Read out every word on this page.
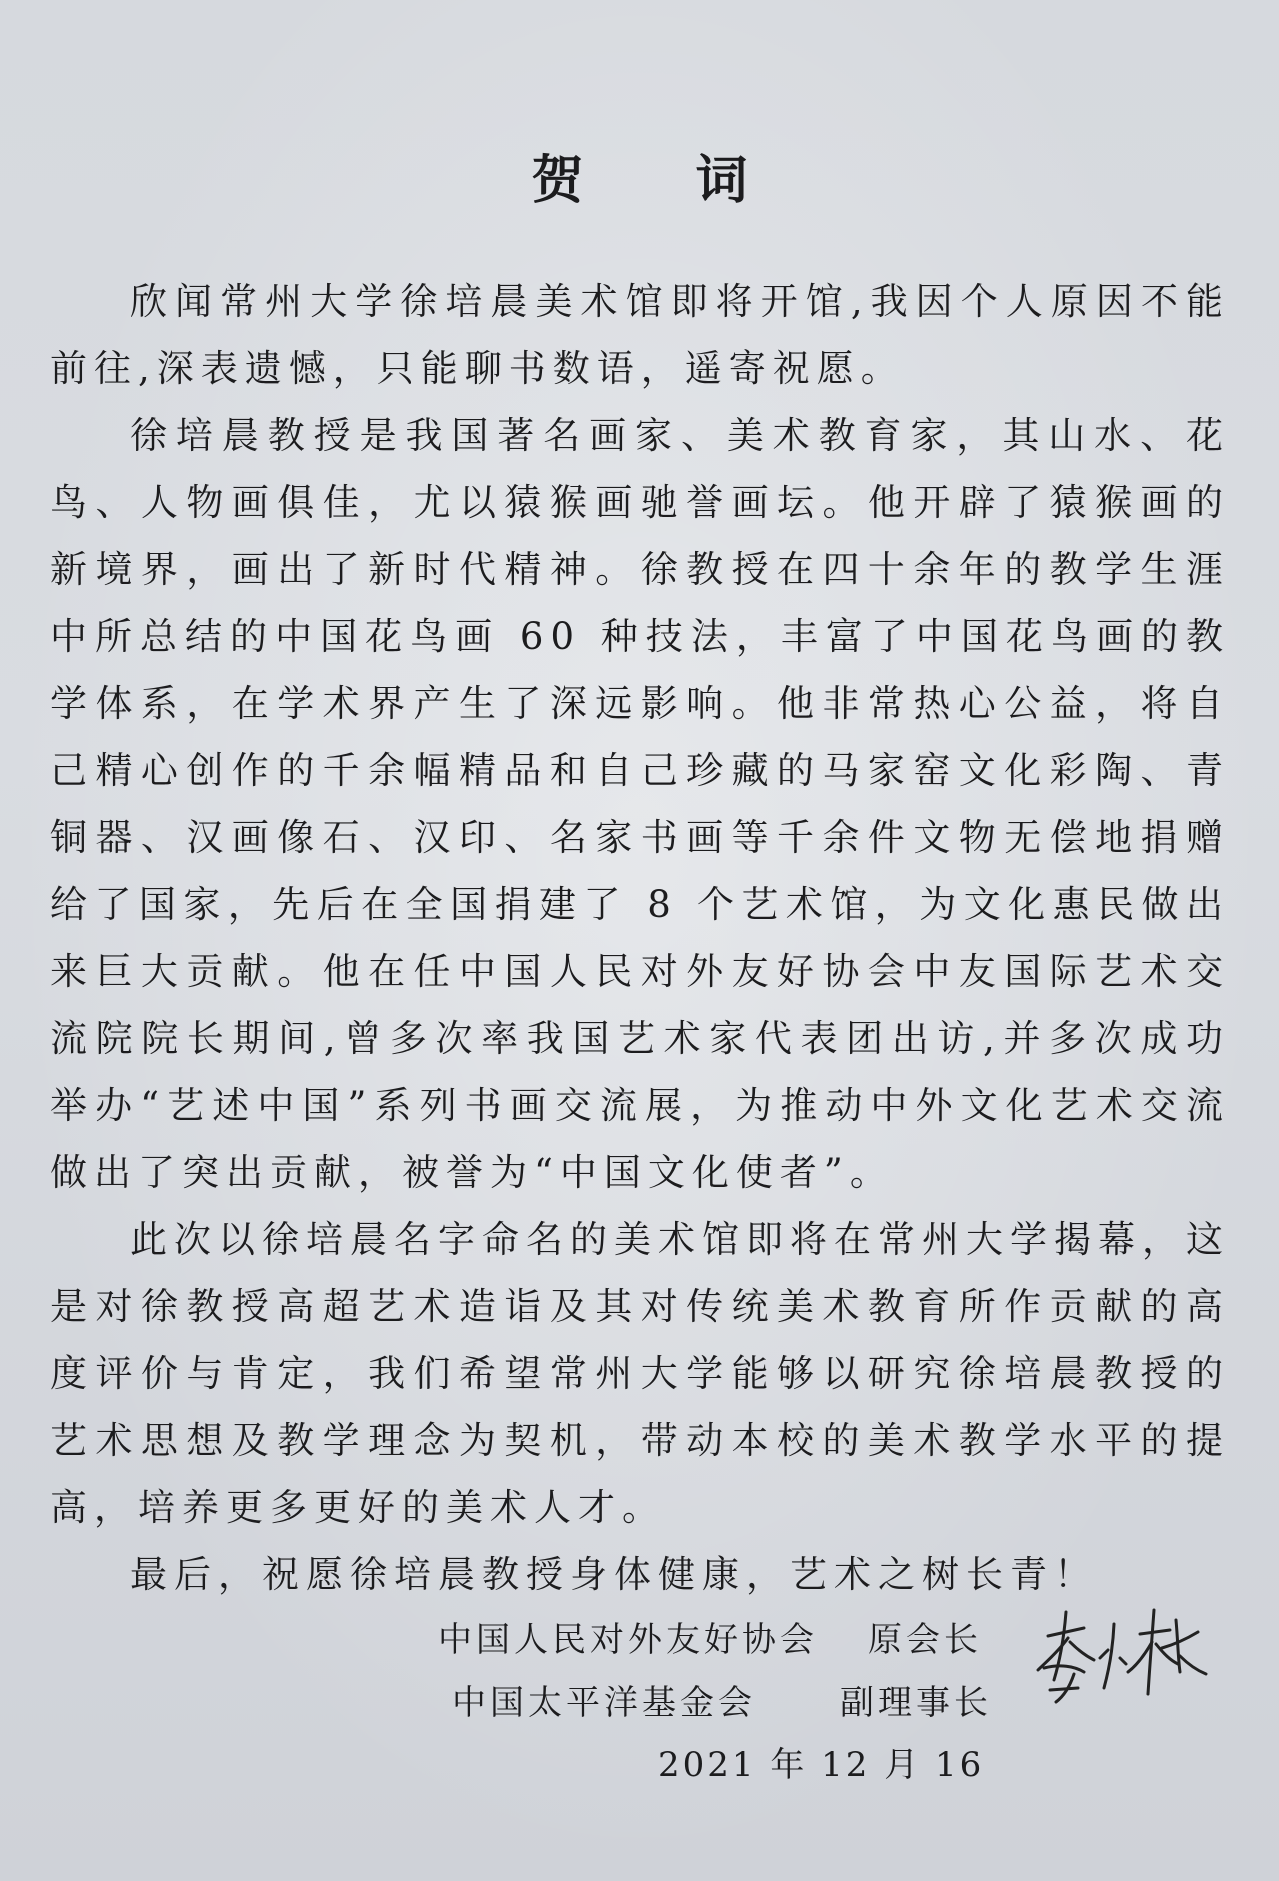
贺 词

欣闻常州大学徐培晨美术馆即将开馆,我因个人原因不能前往,深表遗憾，只能聊书数语，遥寄祝愿。

徐培晨教授是我国著名画家、美术教育家，其山水、花鸟、人物画俱佳，尤以猿猴画驰誉画坛。他开辟了猿猴画的新境界，画出了新时代精神。徐教授在四十余年的教学生涯中所总结的中国花鸟画 60 种技法，丰富了中国花鸟画的教学体系，在学术界产生了深远影响。他非常热心公益，将自己精心创作的千余幅精品和自己珍藏的马家窑文化彩陶、青铜器、汉画像石、汉印、名家书画等千余件文物无偿地捐赠给了国家，先后在全国捐建了 8 个艺术馆，为文化惠民做出来巨大贡献。他在任中国人民对外友好协会中友国际艺术交流院院长期间,曾多次率我国艺术家代表团出访,并多次成功举办“艺述中国”系列书画交流展，为推动中外文化艺术交流做出了突出贡献，被誉为“中国文化使者”。

此次以徐培晨名字命名的美术馆即将在常州大学揭幕，这是对徐教授高超艺术造诣及其对传统美术教育所作贡献的高度评价与肯定，我们希望常州大学能够以研究徐培晨教授的艺术思想及教学理念为契机，带动本校的美术教学水平的提高，培养更多更好的美术人才。

最后，祝愿徐培晨教授身体健康，艺术之树长青！

中国人民对外友好协会 原会长
中国太平洋基金会 副理事长
2021 年 12 月 16
